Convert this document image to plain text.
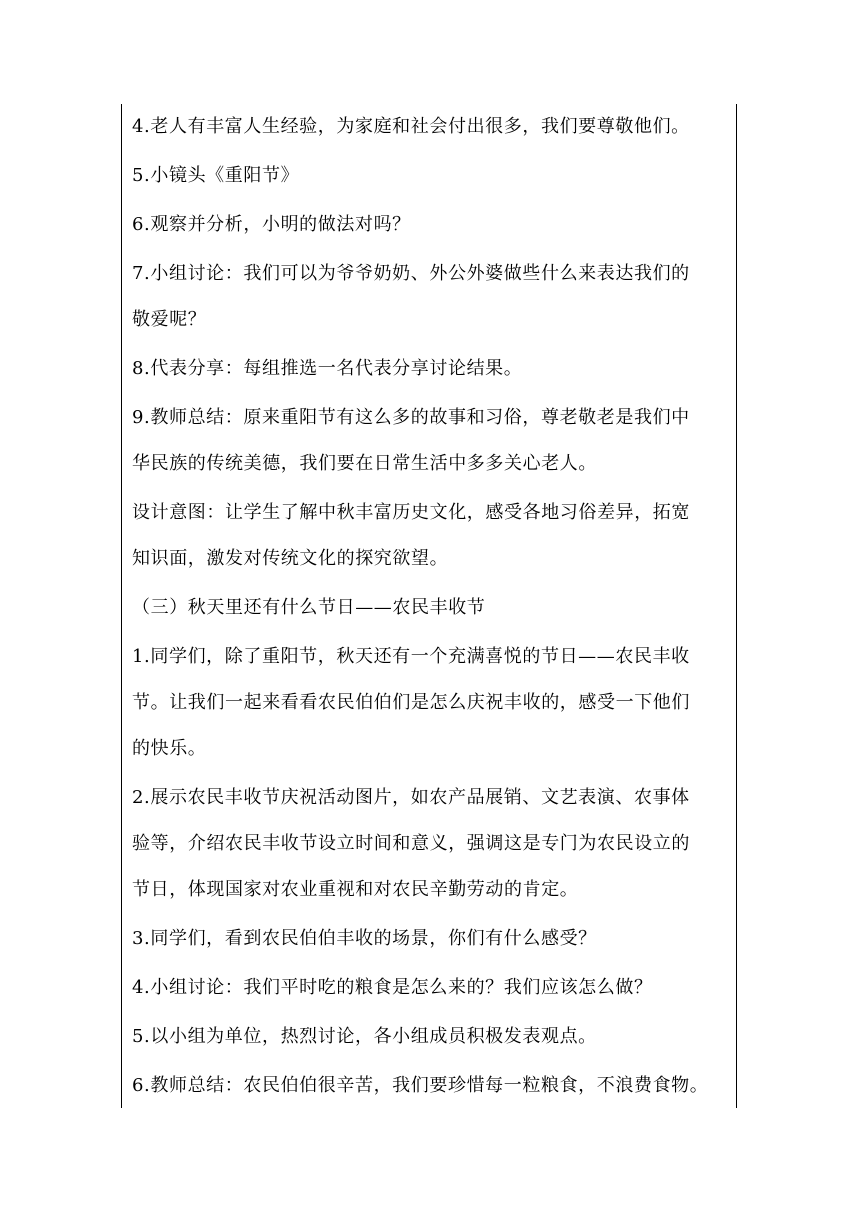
4.老人有丰富人生经验，为家庭和社会付出很多，我们要尊敬他们。
5.小镜头《重阳节》
6.观察并分析，小明的做法对吗？
7.小组讨论：我们可以为爷爷奶奶、外公外婆做些什么来表达我们的
敬爱呢？
8.代表分享：每组推选一名代表分享讨论结果。
9.教师总结：原来重阳节有这么多的故事和习俗，尊老敬老是我们中
华民族的传统美德，我们要在日常生活中多多关心老人。
设计意图：让学生了解中秋丰富历史文化，感受各地习俗差异，拓宽
知识面，激发对传统文化的探究欲望。
（三）秋天里还有什么节日——农民丰收节
1.同学们，除了重阳节，秋天还有一个充满喜悦的节日——农民丰收
节。让我们一起来看看农民伯伯们是怎么庆祝丰收的，感受一下他们
的快乐。
2.展示农民丰收节庆祝活动图片，如农产品展销、文艺表演、农事体
验等，介绍农民丰收节设立时间和意义，强调这是专门为农民设立的
节日，体现国家对农业重视和对农民辛勤劳动的肯定。
3.同学们，看到农民伯伯丰收的场景，你们有什么感受？
4.小组讨论：我们平时吃的粮食是怎么来的？我们应该怎么做？
5.以小组为单位，热烈讨论，各小组成员积极发表观点。
6.教师总结：农民伯伯很辛苦，我们要珍惜每一粒粮食，不浪费食物。
